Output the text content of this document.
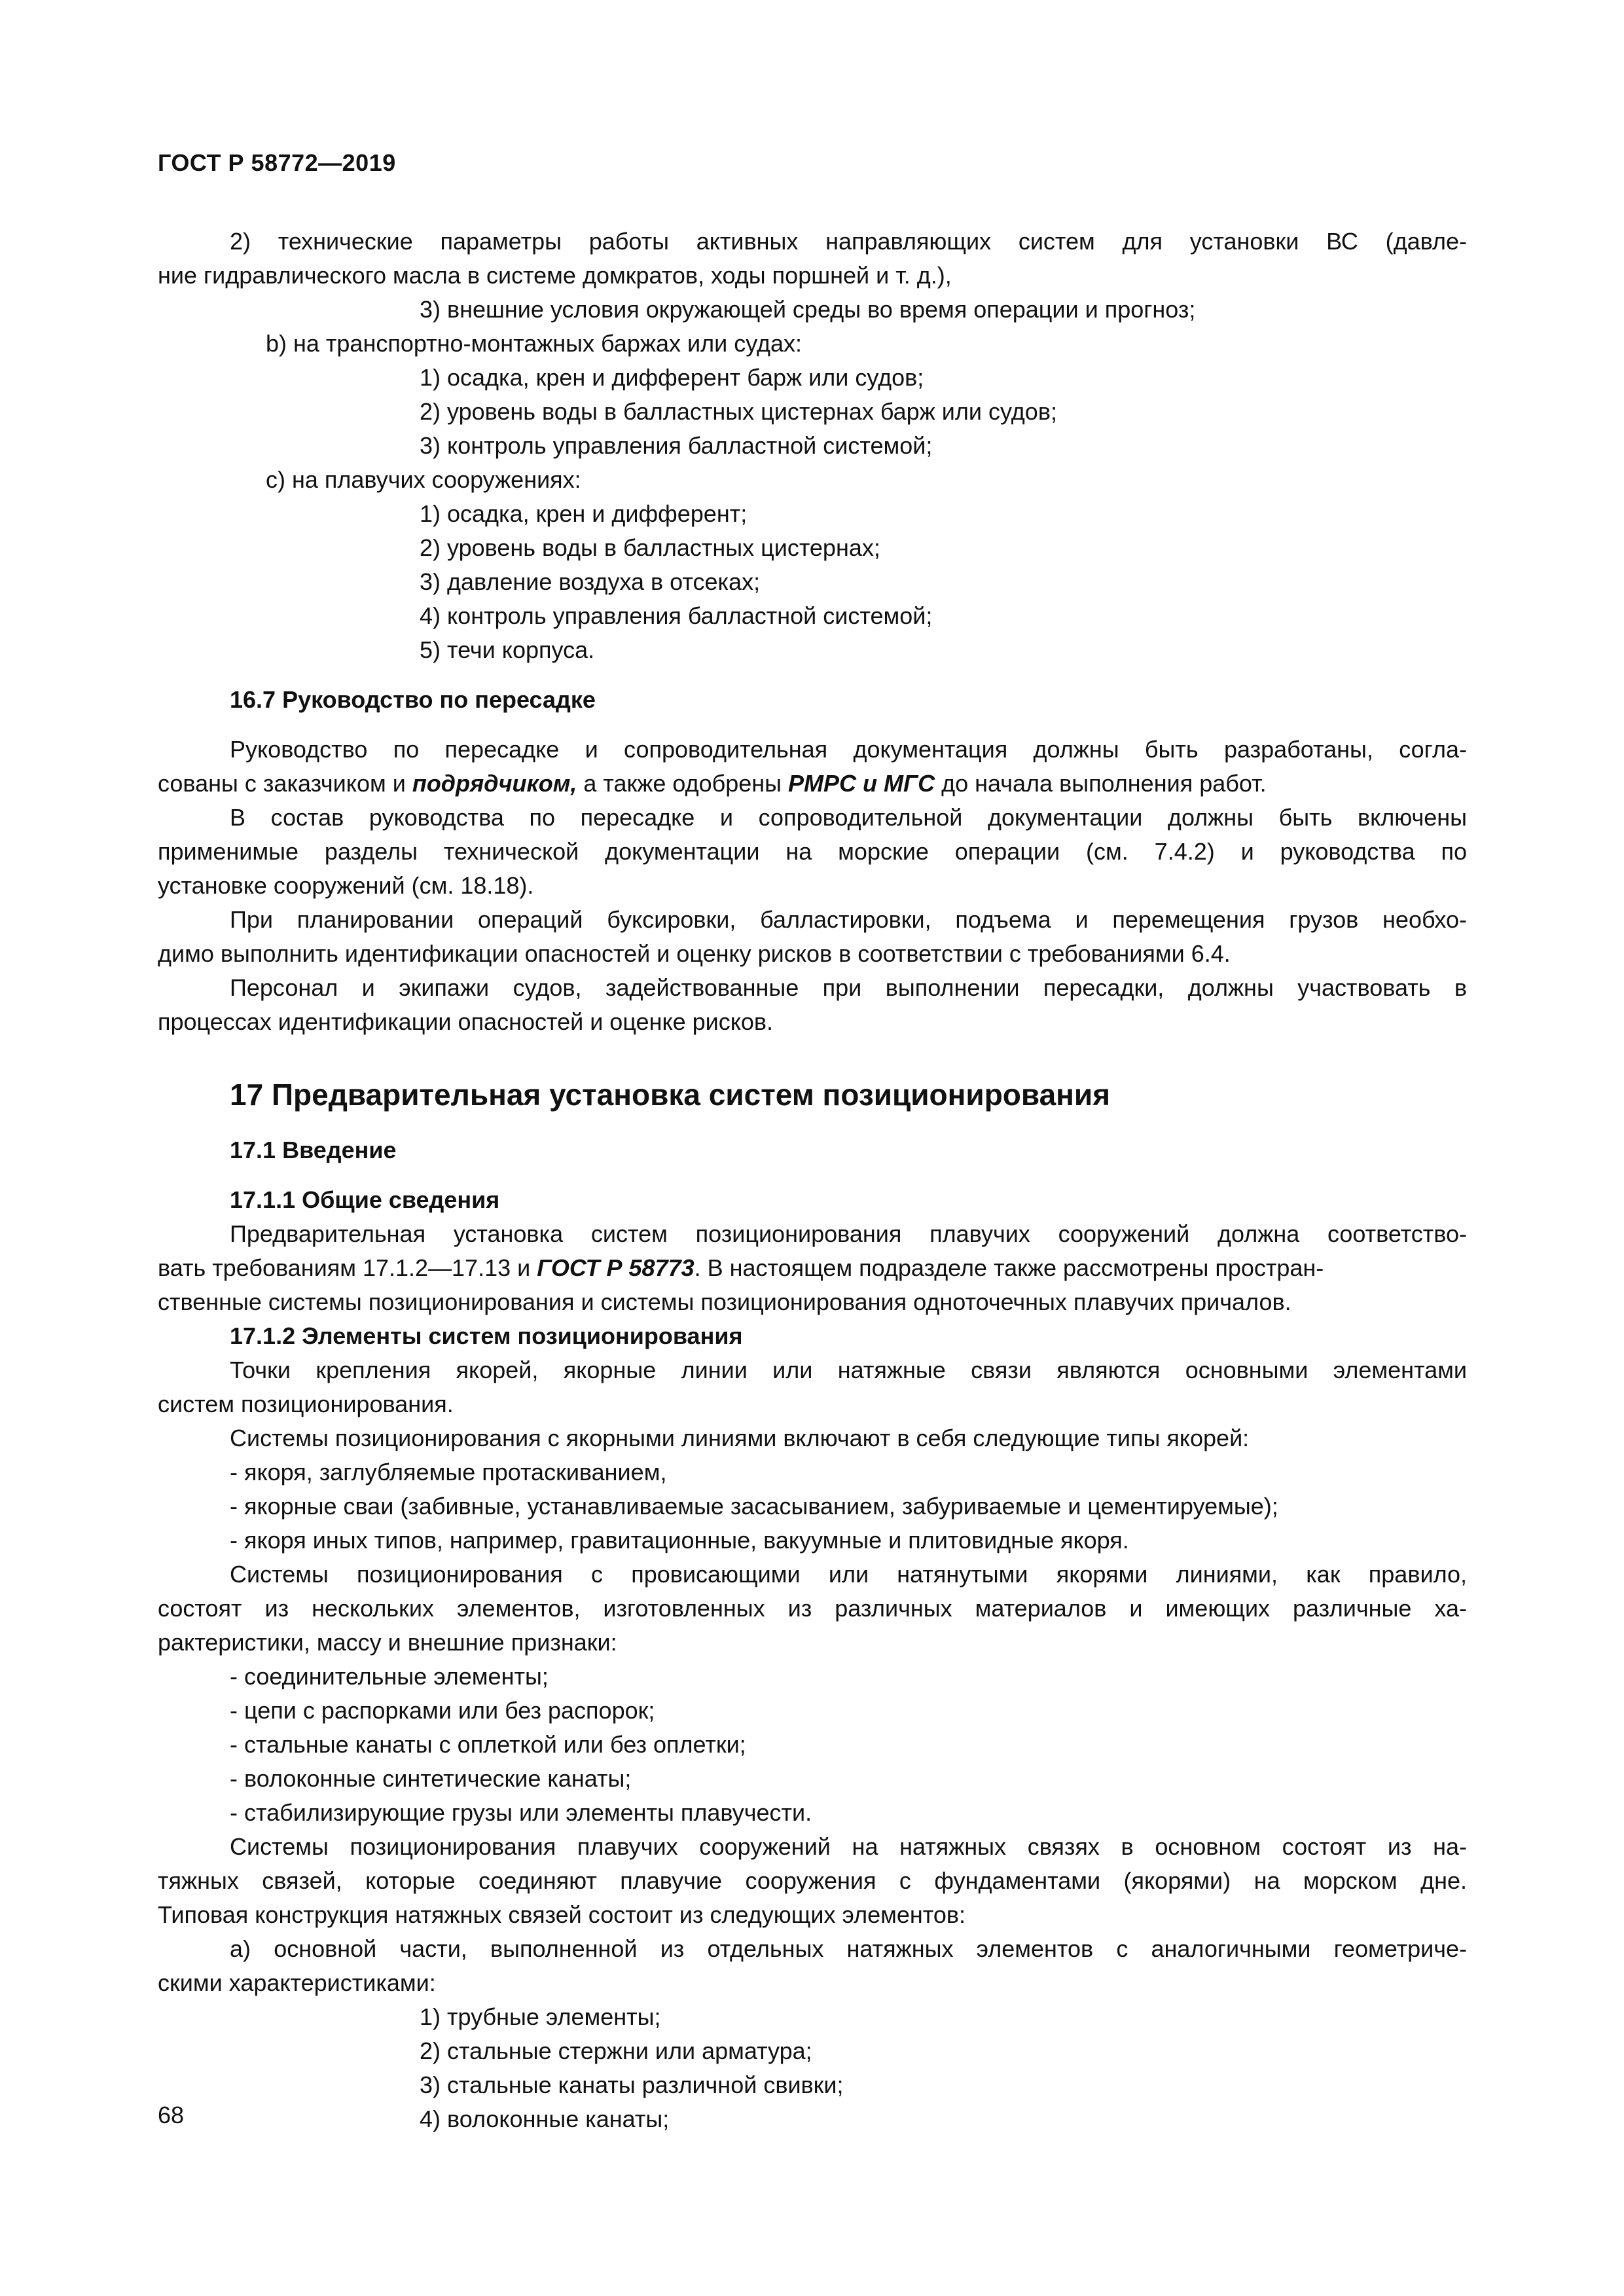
ГОСТ Р 58772—2019
2) технические параметры работы активных направляющих систем для установки ВС (давле-
ние гидравлического масла в системе домкратов, ходы поршней и т. д.),
3) внешние условия окружающей среды во время операции и прогноз;
b) на транспортно-монтажных баржах или судах:
1) осадка, крен и дифферент барж или судов;
2) уровень воды в балластных цистернах барж или судов;
3) контроль управления балластной системой;
c) на плавучих сооружениях:
1) осадка, крен и дифферент;
2) уровень воды в балластных цистернах;
3) давление воздуха в отсеках;
4) контроль управления балластной системой;
5) течи корпуса.
16.7 Руководство по пересадке
Руководство по пересадке и сопроводительная документация должны быть разработаны, согла-
сованы с заказчиком и подрядчиком, а также одобрены РМРС и МГС до начала выполнения работ.
В состав руководства по пересадке и сопроводительной документации должны быть включены
применимые разделы технической документации на морские операции (см. 7.4.2) и руководства по
установке сооружений (см. 18.18).
При планировании операций буксировки, балластировки, подъема и перемещения грузов необхо-
димо выполнить идентификации опасностей и оценку рисков в соответствии с требованиями 6.4.
Персонал и экипажи судов, задействованные при выполнении пересадки, должны участвовать в
процессах идентификации опасностей и оценке рисков.
17 Предварительная установка систем позиционирования
17.1 Введение
17.1.1 Общие сведения
Предварительная установка систем позиционирования плавучих сооружений должна соответство-
вать требованиям 17.1.2—17.13 и ГОСТ Р 58773. В настоящем подразделе также рассмотрены простран-
ственные системы позиционирования и системы позиционирования одноточечных плавучих причалов.
17.1.2 Элементы систем позиционирования
Точки крепления якорей, якорные линии или натяжные связи являются основными элементами
систем позиционирования.
Системы позиционирования с якорными линиями включают в себя следующие типы якорей:
- якоря, заглубляемые протаскиванием,
- якорные сваи (забивные, устанавливаемые засасыванием, забуриваемые и цементируемые);
- якоря иных типов, например, гравитационные, вакуумные и плитовидные якоря.
Системы позиционирования с провисающими или натянутыми якорями линиями, как правило,
состоят из нескольких элементов, изготовленных из различных материалов и имеющих различные ха-
рактеристики, массу и внешние признаки:
- соединительные элементы;
- цепи с распорками или без распорок;
- стальные канаты с оплеткой или без оплетки;
- волоконные синтетические канаты;
- стабилизирующие грузы или элементы плавучести.
Системы позиционирования плавучих сооружений на натяжных связях в основном состоят из на-
тяжных связей, которые соединяют плавучие сооружения с фундаментами (якорями) на морском дне.
Типовая конструкция натяжных связей состоит из следующих элементов:
a) основной части, выполненной из отдельных натяжных элементов с аналогичными геометриче-
скими характеристиками:
1) трубные элементы;
2) стальные стержни или арматура;
3) стальные канаты различной свивки;
4) волоконные канаты;
68
